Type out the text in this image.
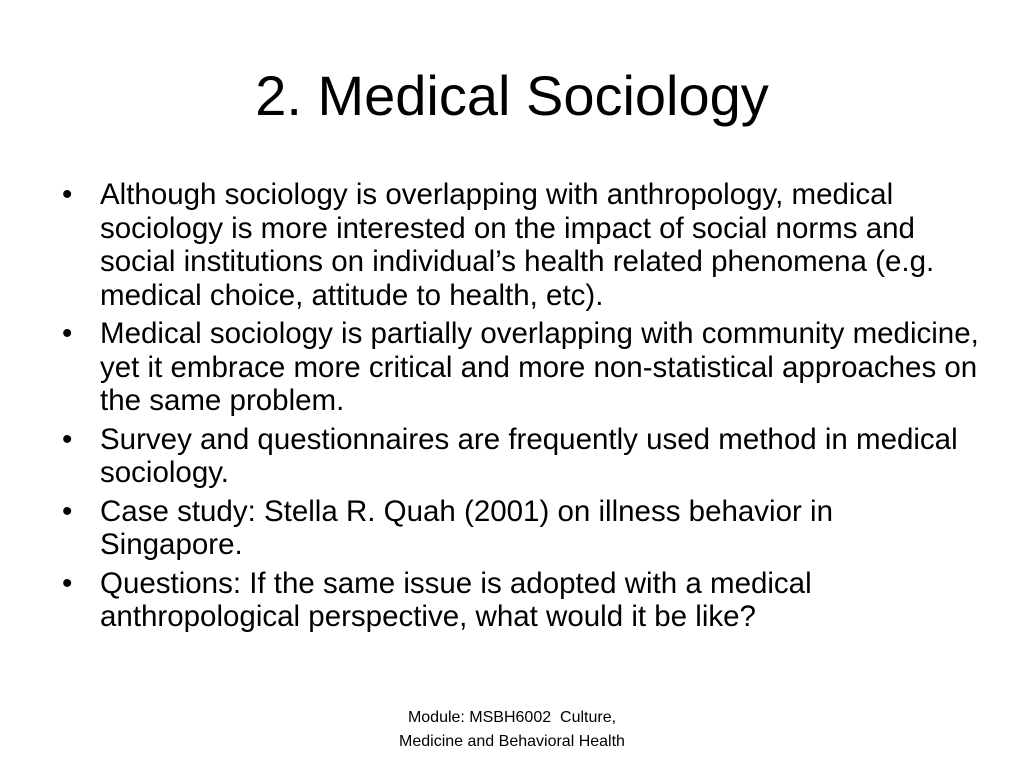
2. Medical Sociology
• Although sociology is overlapping with anthropology, medical sociology is more interested on the impact of social norms and social institutions on individual’s health related phenomena (e.g. medical choice, attitude to health, etc).
• Medical sociology is partially overlapping with community medicine, yet it embrace more critical and more non-statistical approaches on the same problem.
• Survey and questionnaires are frequently used method in medical sociology.
• Case study: Stella R. Quah (2001) on illness behavior in Singapore.
• Questions: If the same issue is adopted with a medical anthropological perspective, what would it be like?
Module: MSBH6002  Culture,
Medicine and Behavioral Health
